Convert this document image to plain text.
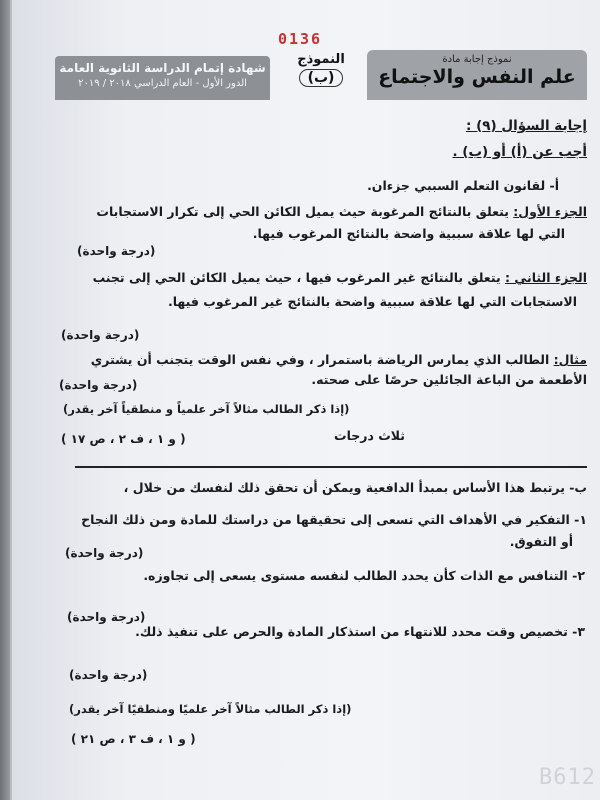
0136
نموذج إجابة مادة
علم النفس والاجتماع
النموذج
(ب)
شهادة إتمام الدراسة الثانوية العامة
الدور الأول - العام الدراسي ٢٠١٨ / ٢٠١٩
إجابة السؤال (٩) :
أجب عن (أ) أو (ب) .
أ- لقانون التعلم السببي جزءان.
الجزء الأول: يتعلق بالنتائج المرغوبة حيث يميل الكائن الحي إلى تكرار الاستجابات
التي لها علاقة سببية واضحة بالنتائج المرغوب فيها.
(درجة واحدة)
الجزء الثاني : يتعلق بالنتائج غير المرغوب فيها ، حيث يميل الكائن الحي إلى تجنب
الاستجابات التي لها علاقة سببية واضحة بالنتائج غير المرغوب فيها.
(درجة واحدة)
مثال: الطالب الذي يمارس الرياضة باستمرار ، وفي نفس الوقت يتجنب أن يشتري
الأطعمة من الباعة الجائلين حرصًا على صحته.
(درجة واحدة)
(إذا ذكر الطالب مثالاً آخر علمياً و منطقياً آخر يقدر)
ثلاث درجات
( و ١ ، ف ٢ ، ص ١٧ )
ب- يرتبط هذا الأساس بمبدأ الدافعية ويمكن أن تحقق ذلك لنفسك من خلال ،
١- التفكير في الأهداف التي تسعى إلى تحقيقها من دراستك للمادة ومن ذلك النجاح
أو التفوق.
(درجة واحدة)
٢- التنافس مع الذات كأن يحدد الطالب لنفسه مستوى يسعى إلى تجاوزه.
(درجة واحدة)
٣- تخصيص وقت محدد للانتهاء من استذكار المادة والحرص على تنفيذ ذلك.
(درجة واحدة)
(إذا ذكر الطالب مثالاً آخر علميًا ومنطقيًا آخر يقدر)
( و ١ ، ف ٣ ، ص ٢١ )
B612
